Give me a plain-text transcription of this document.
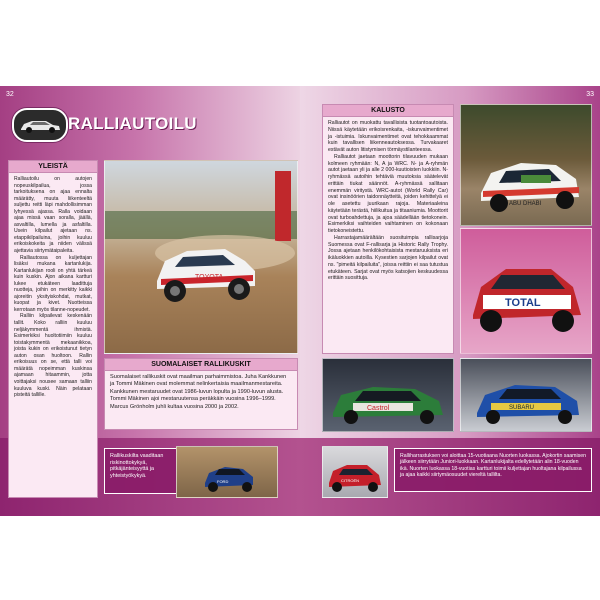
32	33
RALLIAUTOILU
YLEISTÄ

Ralliautoilu on autojen nopeuskilpailua, jossa tarkoituksena on ajaa ennalta määrätty, muuta liikenteeltä suljettu reitti läpi mahdollisimman lyhyessä ajassa. Ralla voidaan ajaa missä vaan soralla, jäällä, asvaltilla, lumella ja asfaltilla. Usein kilpailut ajetaan ns. etappikilpailuina, joihin kuuluu erikoiskokeita ja niiden välissä ajettavia siirtymätaipaleita.

Ralliautossa on kuljettajan lisäksi mukana kartanlukija. Kartanlukijan rooli on yhtä tärkeä kuin kuskin. Ajon aikana kartturi lukee etukäteen laadittuja nuotteja, joihin on merkitty kaikki ajoreitin yksityiskohdat, mutkat, kuopat ja kivet. Nuotteissa kerrotaan myös tilanne-nopeudet.

Ralliin kilpailevat keskenään tallit. Koko ralliin kuuluu neljäkymmentä ihmistä. Esimerkiksi huoltotiimiin kuuluu toistakymmentä mekaanikkoa, joista kukin on erikoistunut tietyn auton osan huoltoon. Rallin erikoisuus on se, että talli voi määrätä nopeimman kuskinsa ajamaan hitaammin, jotta voittajaksi nousee samaan talliin kuuluva kuski. Näin pelataan pisteitä tallille.

TOYOTA
SUOMALAISET RALLIKUSKIT
Suomalaiset rallikuskit ovat maailman parhaimmistoa. Juha Kankkunen ja Tommi Mäkinen ovat molemmat nelinkertaisia maailmanmestareita. Kankkunen mestaruudet ovat 1986-luvun lopulta ja 1990-luvun alusta. Tommi Mäkinen ajoi mestaruutensa peräkkäin vuosina 1996–1999. Marcus Grönholm juhli kultaa vuosina 2000 ja 2002.
KALUSTO

Ralliautot on muokattu tavallisista tuotantoautoista. Niissä käytetään erikoisrenkaita, -iskunvaimentimet ja -istuimia. Iskunvaimentimet ovat tehokkaammat kuin tavallisen liikenneautoksessa. Turvakaaret estävät auton litistymisen törmäystilanteessa.

Ralliautot jaetaan moottorin tilavuuden mukaan kolmeen ryhmään: N, A ja WRC. N- ja A-ryhmän autot jaetaan yli ja alle 2 000-kuutioisten luokkiin. N-ryhmässä autoihin tehtäviä muutoksia säätelevät erittäin tiukat säännöt. A-ryhmässä sallitaan enemmän viritystä. WRC-autot (World Rally Car) ovat insinöörien taidonnäytteitä, joiden kehittelyä ei ole asetettu juurikaan rajoja. Materiaaleina käytetään terästä, hiilikuitua ja titaaniumia. Moottorit ovat turboahdettuja, ja ajoa säädellään tietokonein. Esimerkiksi vaihteiden vaihtaminen on kokonaan tietokoneistettu.

Harrastajamäärältään suosituimpia rallisarjoja Suomessa ovat F-rallisarja ja Historic Rally Trophy. Jossa ajetaan henkilökohtaisista mestaruuksista eri ikäluokkien autoilla. Kysestien sarjojen kilpailut ovat ns. "pimeitä kilpailuita", joissa reittiin ei saa tutustua etukäteen. Sarjat ovat myös katsojien keskuudessa erittäin suosittuja.

ABU DHABI
TOTAL
Castrol	SUBARU
Rallikuskilta vaaditaan riskinottokykyä, pitkäjänteisyyttä ja yhteistyökykyä.
FORD	CITROËN
Ralliharrastuksen voi aloittaa 15-vuotiaana Nuorten luokassa. Ajokortin saamisen jälkeen siirrytään Juniori-luokkaan. Kartanlukijalta edellytetään alin 18-vuoden ikä. Nuorten luokassa 18-vuotias kartturi toimii kuljettajan huoltajana kilpailussa ja ajaa kaikki siirtymäosuudet viereltä tallilta.
